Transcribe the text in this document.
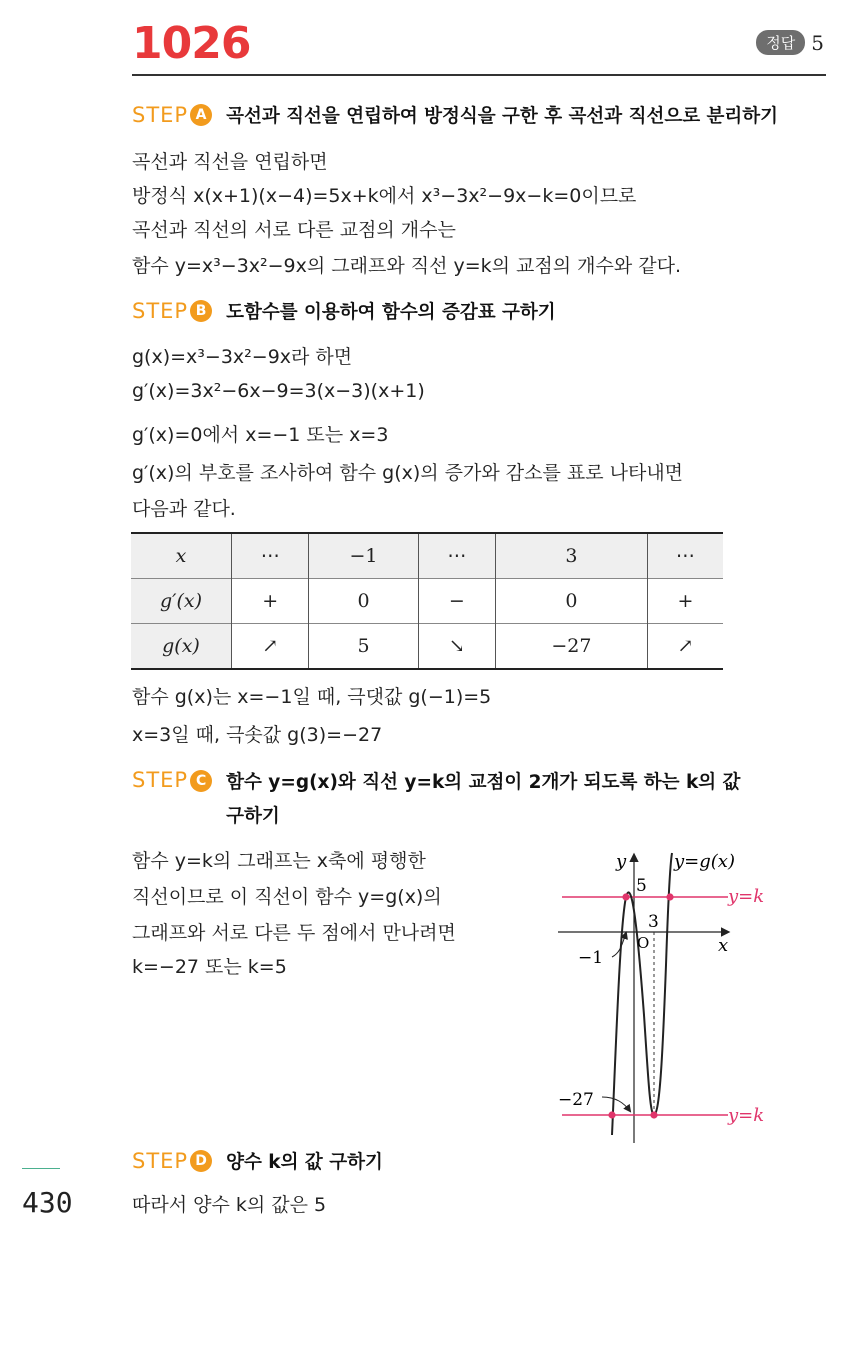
1026	정답 5
STEP A	곡선과 직선을 연립하여 방정식을 구한 후 곡선과 직선으로 분리하기
곡선과 직선을 연립하면
방정식 x(x+1)(x−4)=5x+k에서 x³−3x²−9x−k=0이므로
곡선과 직선의 서로 다른 교점의 개수는
함수 y=x³−3x²−9x의 그래프와 직선 y=k의 교점의 개수와 같다.
STEP B	도함수를 이용하여 함수의 증감표 구하기
g(x)=x³−3x²−9x라 하면
g′(x)=3x²−6x−9=3(x−3)(x+1)
g′(x)=0에서 x=−1 또는 x=3
g′(x)의 부호를 조사하여 함수 g(x)의 증가와 감소를 표로 나타내면
다음과 같다.
x	⋯	−1	⋯	3	⋯
g′(x)	+	0	−	0	+
g(x)	↗	5	↘	−27	↗
함수 g(x)는 x=−1일 때, 극댓값 g(−1)=5
x=3일 때, 극솟값 g(3)=−27
STEP C	함수 y=g(x)와 직선 y=k의 교점이 2개가 되도록 하는 k의 값
구하기
함수 y=k의 그래프는 x축에 평행한
직선이므로 이 직선이 함수 y=g(x)의
그래프와 서로 다른 두 점에서 만나려면
k=−27 또는 k=5
y	y=g(x)
5	y=k
3
O	x
−1
−27
y=k
STEP D 양수 k의 값 구하기
따라서 양수 k의 값은 5
430
